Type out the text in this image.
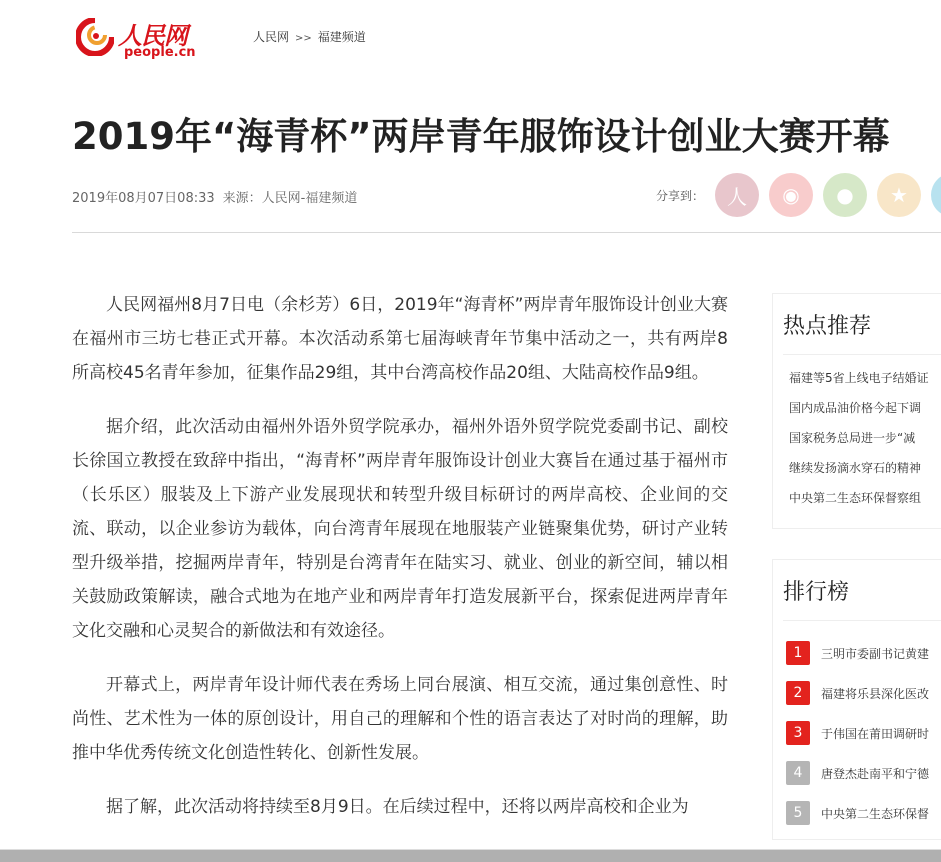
人民网
people.cn
人民网 >> 福建频道
2019年“海青杯”两岸青年服饰设计创业大赛开幕
2019年08月07日08:33 来源：人民网-福建频道	分享到： 人 ◉ ● ★

人民网福州8月7日电（余杉芳）6日，2019年“海青杯”两岸青年服饰设计创业大赛在福州市三坊七巷正式开幕。本次活动系第七届海峡青年节集中活动之一，共有两岸8所高校45名青年参加，征集作品29组，其中台湾高校作品20组、大陆高校作品9组。

据介绍，此次活动由福州外语外贸学院承办，福州外语外贸学院党委副书记、副校长徐国立教授在致辞中指出，“海青杯”两岸青年服饰设计创业大赛旨在通过基于福州市（长乐区）服装及上下游产业发展现状和转型升级目标研讨的两岸高校、企业间的交流、联动，以企业参访为载体，向台湾青年展现在地服装产业链聚集优势，研讨产业转型升级举措，挖掘两岸青年，特别是台湾青年在陆实习、就业、创业的新空间，辅以相关鼓励政策解读，融合式地为在地产业和两岸青年打造发展新平台，探索促进两岸青年文化交融和心灵契合的新做法和有效途径。

开幕式上，两岸青年设计师代表在秀场上同台展演、相互交流，通过集创意性、时尚性、艺术性为一体的原创设计，用自己的理解和个性的语言表达了对时尚的理解，助推中华优秀传统文化创造性转化、创新性发展。

据了解，此次活动将持续至8月9日。在后续过程中，还将以两岸高校和企业为

热点推荐
福建等5省上线电子结婚证
国内成品油价格今起下调
国家税务总局进一步“减
继续发扬滴水穿石的精神
中央第二生态环保督察组
排行榜
1	三明市委副书记黄建
2	福建将乐县深化医改
3	于伟国在莆田调研时
4	唐登杰赴南平和宁德
5	中央第二生态环保督
